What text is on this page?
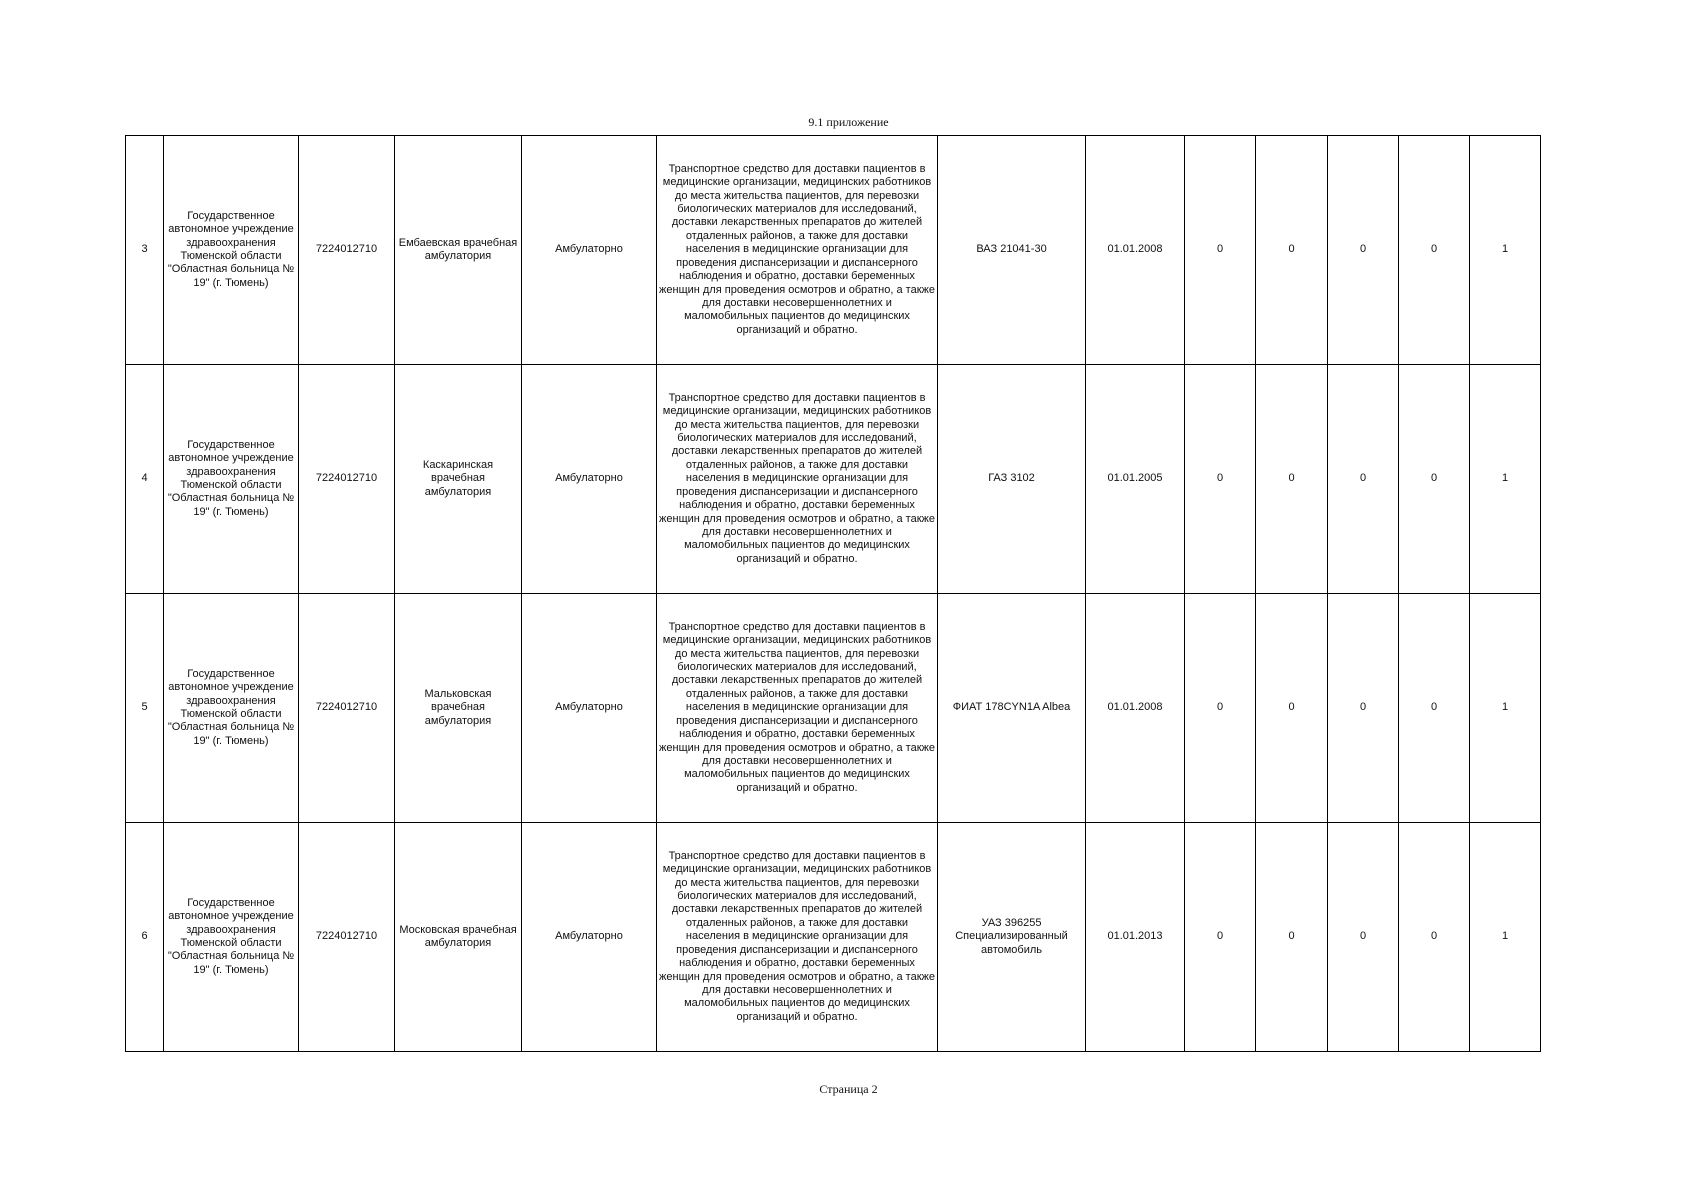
9.1 приложение
3	Государственное автономное учреждение здравоохранения Тюменской области "Областная больница № 19" (г. Тюмень)	7224012710	Ембаевская врачебная амбулатория	Амбулаторно	Транспортное средство для доставки пациентов в медицинские организации, медицинских работников до места жительства пациентов, для перевозки биологических материалов для исследований, доставки лекарственных препаратов до жителей отдаленных районов, а также для доставки населения в медицинские организации для проведения диспансеризации и диспансерного наблюдения и обратно, доставки беременных женщин для проведения осмотров и обратно, а также для доставки несовершеннолетних и маломобильных пациентов до медицинских организаций и обратно.	ВАЗ 21041-30	01.01.2008	0	0	0	0	1
4	Государственное автономное учреждение здравоохранения Тюменской области "Областная больница № 19" (г. Тюмень)	7224012710	Каскаринская врачебная амбулатория	Амбулаторно	Транспортное средство для доставки пациентов в медицинские организации, медицинских работников до места жительства пациентов, для перевозки биологических материалов для исследований, доставки лекарственных препаратов до жителей отдаленных районов, а также для доставки населения в медицинские организации для проведения диспансеризации и диспансерного наблюдения и обратно, доставки беременных женщин для проведения осмотров и обратно, а также для доставки несовершеннолетних и маломобильных пациентов до медицинских организаций и обратно.	ГАЗ 3102	01.01.2005	0	0	0	0	1
5	Государственное автономное учреждение здравоохранения Тюменской области "Областная больница № 19" (г. Тюмень)	7224012710	Мальковская врачебная амбулатория	Амбулаторно	Транспортное средство для доставки пациентов в медицинские организации, медицинских работников до места жительства пациентов, для перевозки биологических материалов для исследований, доставки лекарственных препаратов до жителей отдаленных районов, а также для доставки населения в медицинские организации для проведения диспансеризации и диспансерного наблюдения и обратно, доставки беременных женщин для проведения осмотров и обратно, а также для доставки несовершеннолетних и маломобильных пациентов до медицинских организаций и обратно.	ФИАТ 178CYN1A Albea	01.01.2008	0	0	0	0	1
6	Государственное автономное учреждение здравоохранения Тюменской области "Областная больница № 19" (г. Тюмень)	7224012710	Московская врачебная амбулатория	Амбулаторно	Транспортное средство для доставки пациентов в медицинские организации, медицинских работников до места жительства пациентов, для перевозки биологических материалов для исследований, доставки лекарственных препаратов до жителей отдаленных районов, а также для доставки населения в медицинские организации для проведения диспансеризации и диспансерного наблюдения и обратно, доставки беременных женщин для проведения осмотров и обратно, а также для доставки несовершеннолетних и маломобильных пациентов до медицинских организаций и обратно.	УАЗ 396255 Специализированный автомобиль	01.01.2013	0	0	0	0	1
Страница 2
